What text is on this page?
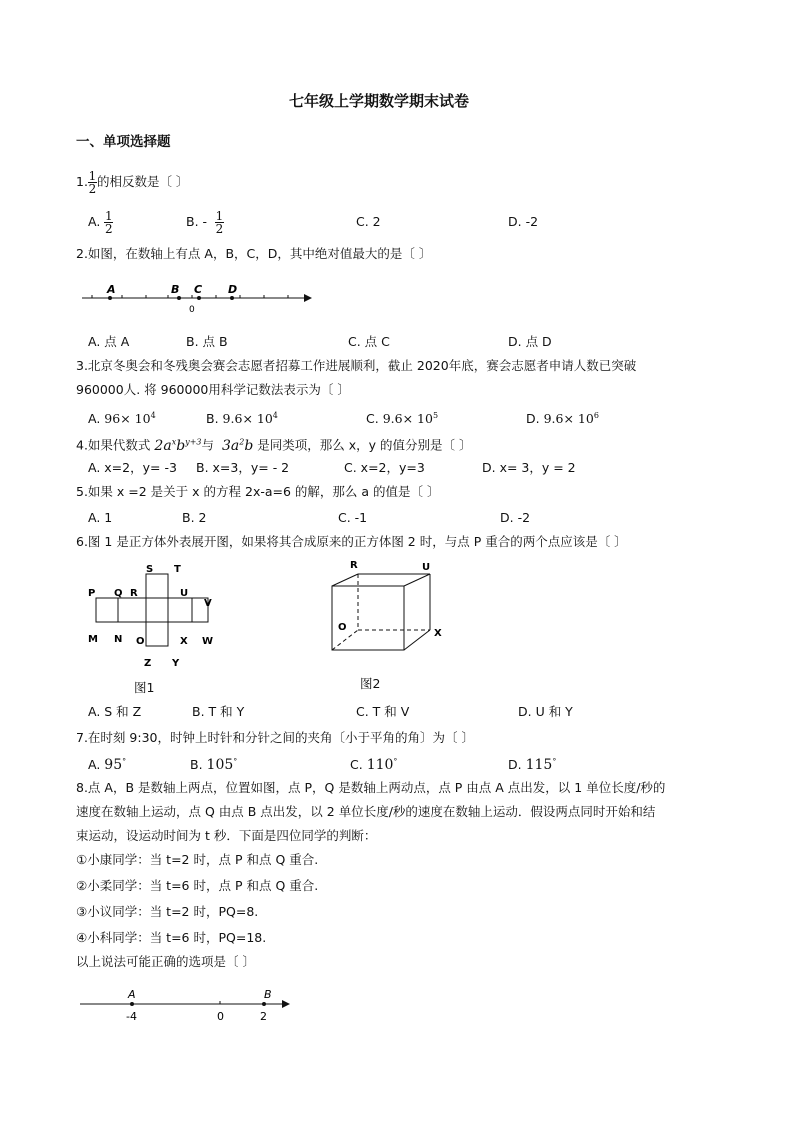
七年级上学期数学期末试卷
一、单项选择题
1. $\frac{1}{2}$ 的相反数是〔 〕
A. $\frac{1}{2}$	B. - $\frac{1}{2}$	C. 2	D. -2
2.如图，在数轴上有点 A，B，C，D，其中绝对值最大的是〔 〕
A	B C D
0
A. 点 A	B. 点 B	C. 点 C	D. 点 D
3.北京冬奥会和冬残奥会赛会志愿者招募工作进展顺利，截止 2020年底，赛会志愿者申请人数已突破
960000人. 将 960000用科学记数法表示为〔 〕
A. $96\times 10^4$	B. $9.6\times 10^4$	C. $9.6\times 10^5$	D. $9.6\times 10^6$
4.如果代数式 $2a^xb^{y+3}$与 $3a^2b$ 是同类项，那么 x，y 的值分别是〔 〕
A. x=2，y= -3 B. x=3，y= - 2	C. x=2，y=3	D. x= 3，y = 2
5.如果 x =2 是关于 x 的方程 2x-a=6 的解，那么 a 的值是〔 〕
A. 1	B. 2	C. -1	D. -2
6.图 1 是正方体外表展开图，如果将其合成原来的正方体图 2 时，与点 P 重合的两个点应该是〔 〕
S T
P Q R	U
V
M N O	X W
Z Y
图1
R	U
O
X
图2
A. S 和 Z	B. T 和 Y	C. T 和 V	D. U 和 Y
7.在时刻 9:30，时钟上时针和分针之间的夹角〔小于平角的角〕为〔 〕
A. 95°	B. 105°	C. 110°	D. 115°
8.点 A，B 是数轴上两点，位置如图，点 P，Q 是数轴上两动点，点 P 由点 A 点出发，以 1 单位长度/秒的
速度在数轴上运动，点 Q 由点 B 点出发，以 2 单位长度/秒的速度在数轴上运动．假设两点同时开始和结
束运动，设运动时间为 t 秒．下面是四位同学的判断：
①小康同学：当 t=2 时，点 P 和点 Q 重合.
②小柔同学：当 t=6 时，点 P 和点 Q 重合.
③小议同学：当 t=2 时，PQ=8.
④小科同学：当 t=6 时，PQ=18.
以上说法可能正确的选项是〔 〕
A	B
-4	0	2
